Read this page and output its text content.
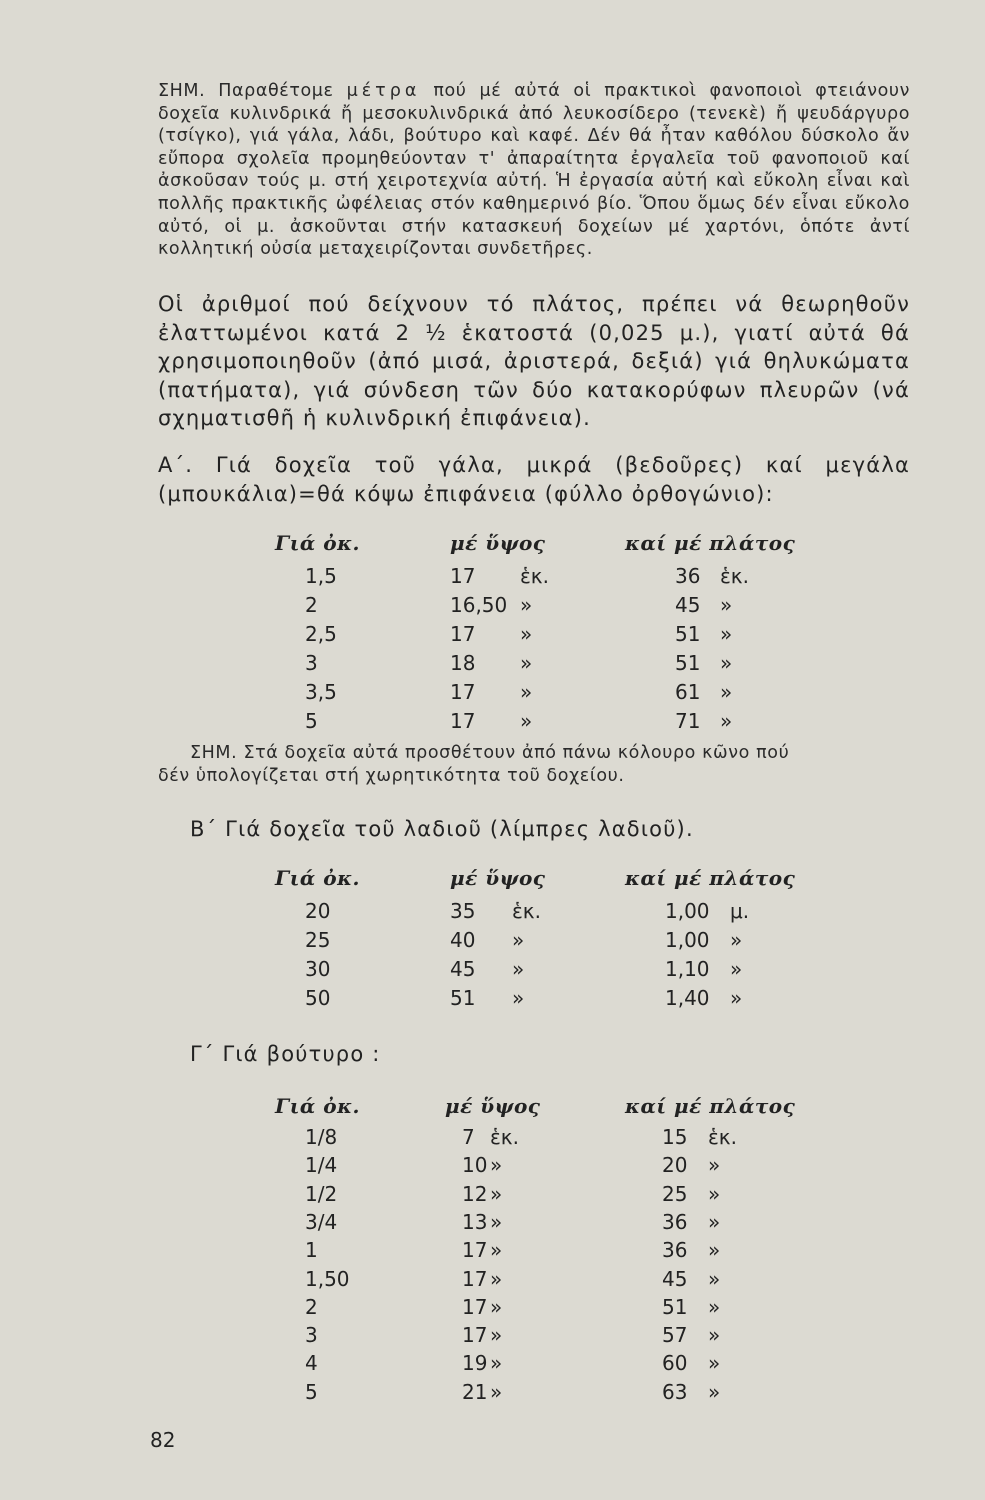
ΣΗΜ. Παραθέτομε μέτρα πού μέ αὐτά οἱ πρακτικοὶ φανοποιοὶ φτειάνουν δοχεῖα κυλινδρικά ἤ μεσοκυλινδρικά ἀπό λευκοσίδερο (τενεκὲ) ἤ ψευδάργυρο (τσίγκο), γιά γάλα, λάδι, βούτυρο καὶ καφέ. Δέν θά ἦταν καθόλου δύσκολο ἄν εὔπορα σχολεῖα προμηθεύονταν τ' ἀπαραίτητα ἐργαλεῖα τοῦ φανοποιοῦ καί ἀσκοῦσαν τούς μ. στή χειροτεχνία αὐτή. Ἡ ἐργασία αὐτή καὶ εὔκολη εἶναι καὶ πολλῆς πρακτικῆς ὠφέλειας στόν καθημερινό βίο. Ὅπου ὅμως δέν εἶναι εὔκολο αὐτό, οἱ μ. ἀσκοῦνται στήν κατασκευή δοχείων μέ χαρτόνι, ὁπότε ἀντί κολλητική οὐσία μεταχειρίζονται συνδετῆρες.
Οἱ ἀριθμοί πού δείχνουν τό πλάτος, πρέπει νά θεωρηθοῦν ἐλαττωμένοι κατά 2 ½ ἑκατοστά (0,025 μ.), γιατί αὐτά θά χρησιμοποιηθοῦν (ἀπό μισά, ἀριστερά, δεξιά) γιά θηλυκώματα (πατήματα), γιά σύνδεση τῶν δύο κατακορύφων πλευρῶν (νά σχηματισθῆ ἡ κυλινδρική ἐπιφάνεια).
Α΄. Γιά δοχεῖα τοῦ γάλα, μικρά (βεδοῦρες) καί μεγάλα (μπουκάλια)=θά κόψω ἐπιφάνεια (φύλλο ὀρθογώνιο):
Γιά ὀκ.	μέ ὕψος	καί μέ πλάτος
1,5	17 ἑκ.	36 ἑκ.
2	16,50 »	45 »
2,5	17 »	51 »
3	18 »	51 »
3,5	17 »	61 »
5	17 »	71 »
ΣΗΜ. Στά δοχεῖα αὐτά προσθέτουν ἀπό πάνω κόλουρο κῶνο πού
δέν ὑπολογίζεται στή χωρητικότητα τοῦ δοχείου.
Β΄ Γιά δοχεῖα τοῦ λαδιοῦ (λίμπρες λαδιοῦ).
Γιά ὀκ.	μέ ὕψος	καί μέ πλάτος
20	35 ἑκ.	1,00 μ.
25	40 »	1,00 »
30	45 »	1,10 »
50	51 »	1,40 »
Γ΄ Γιά βούτυρο :
Γιά ὀκ.	μέ ὕψος	καί μέ πλάτος
1/8	7 ἑκ.	15 ἑκ.
1/4	10 »	20 »
1/2	12 »	25 »
3/4	13 »	36 »
1	17 »	36 »
1,50	17 »	45 »
2	17 »	51 »
3	17 »	57 »
4	19 »	60 »
5	21 »	63 »
82
